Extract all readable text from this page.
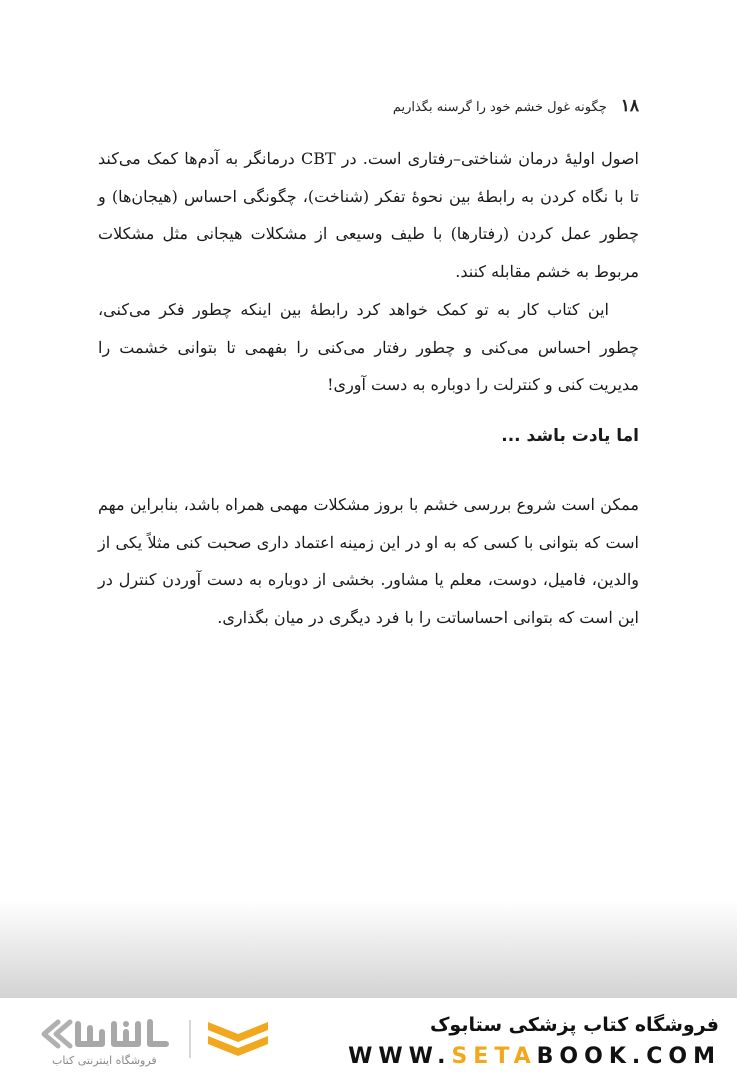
۱۸
چگونه غول خشم خود را گرسنه بگذاریم

اصول اولیهٔ درمان شناختی–رفتاری است. در CBT درمانگر به آدم‌ها کمک می‌کند تا با نگاه کردن به رابطهٔ بین نحوهٔ تفکر (شناخت)، چگونگی احساس (هیجان‌ها) و چطور عمل کردن (رفتارها) با طیف وسیعی از مشکلات هیجانی مثل مشکلات مربوط به خشم مقابله کنند.

این کتاب کار به تو کمک خواهد کرد رابطهٔ بین اینکه چطور فکر می‌کنی، چطور احساس می‌کنی و چطور رفتار می‌کنی را بفهمی تا بتوانی خشمت را مدیریت کنی و کنترلت را دوباره به دست آوری!

اما یادت باشد ...

ممکن است شروع بررسی خشم با بروز مشکلات مهمی همراه باشد، بنابراین مهم است که بتوانی با کسی که به او در این زمینه اعتماد داری صحبت کنی مثلاً یکی از والدین، فامیل، دوست، معلم یا مشاور. بخشی از دوباره به دست آوردن کنترل در این است که بتوانی احساساتت را با فرد دیگری در میان بگذاری.

فروشگاه اینترنتی کتاب
فروشگاه کتاب پزشکی ستابوک
WWW.SETABOOK.COM
